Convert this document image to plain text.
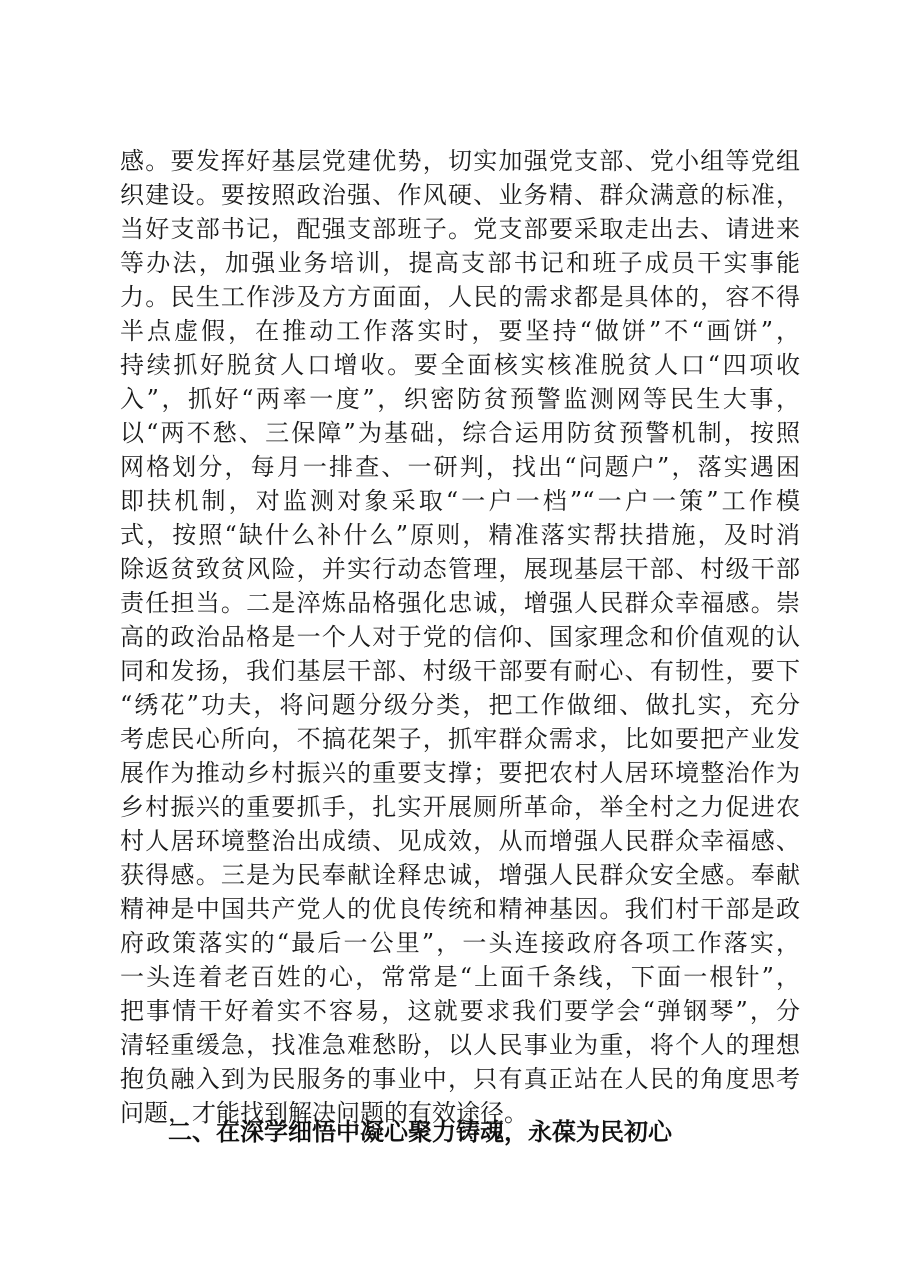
感。要发挥好基层党建优势，切实加强党支部、党小组等党组
织建设。要按照政治强、作风硬、业务精、群众满意的标准，
当好支部书记，配强支部班子。党支部要采取走出去、请进来
等办法，加强业务培训，提高支部书记和班子成员干实事能
力。民生工作涉及方方面面，人民的需求都是具体的，容不得
半点虚假，在推动工作落实时，要坚持“做饼”不“画饼”，
持续抓好脱贫人口增收。要全面核实核准脱贫人口“四项收
入”，抓好“两率一度”，织密防贫预警监测网等民生大事，
以“两不愁、三保障”为基础，综合运用防贫预警机制，按照
网格划分，每月一排查、一研判，找出“问题户”，落实遇困
即扶机制，对监测对象采取“一户一档”“一户一策”工作模
式，按照“缺什么补什么”原则，精准落实帮扶措施，及时消
除返贫致贫风险，并实行动态管理，展现基层干部、村级干部
责任担当。二是淬炼品格强化忠诚，增强人民群众幸福感。崇
高的政治品格是一个人对于党的信仰、国家理念和价值观的认
同和发扬，我们基层干部、村级干部要有耐心、有韧性，要下
“绣花”功夫，将问题分级分类，把工作做细、做扎实，充分
考虑民心所向，不搞花架子，抓牢群众需求，比如要把产业发
展作为推动乡村振兴的重要支撑；要把农村人居环境整治作为
乡村振兴的重要抓手，扎实开展厕所革命，举全村之力促进农
村人居环境整治出成绩、见成效，从而增强人民群众幸福感、
获得感。三是为民奉献诠释忠诚，增强人民群众安全感。奉献
精神是中国共产党人的优良传统和精神基因。我们村干部是政
府政策落实的“最后一公里”，一头连接政府各项工作落实，
一头连着老百姓的心，常常是“上面千条线，下面一根针”，
把事情干好着实不容易，这就要求我们要学会“弹钢琴”，分
清轻重缓急，找准急难愁盼，以人民事业为重，将个人的理想
抱负融入到为民服务的事业中，只有真正站在人民的角度思考
问题，才能找到解决问题的有效途径。
二、在深学细悟中凝心聚力铸魂，永葆为民初心
